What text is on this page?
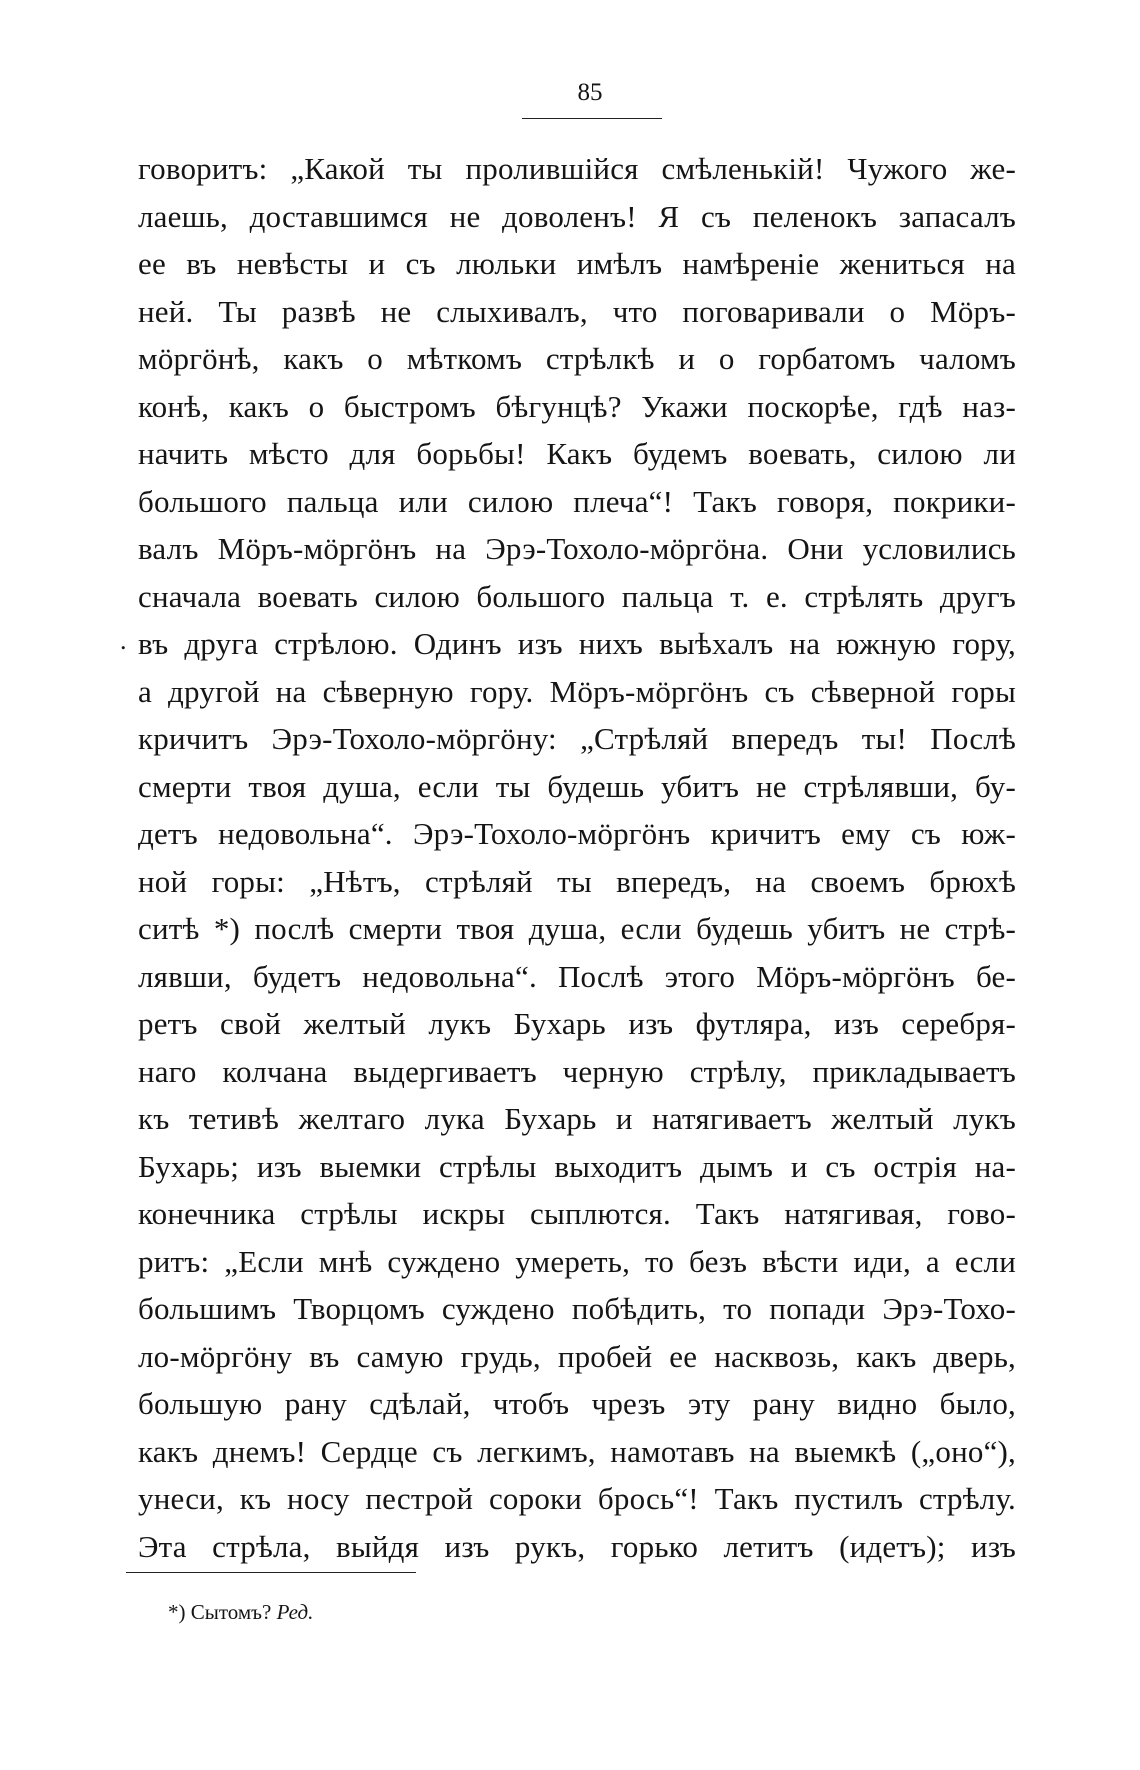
85
.
говоритъ: „Какой ты пролившійся смѣленькій! Чужого же-
лаешь, доставшимся не доволенъ! Я съ пеленокъ запасалъ
ее въ невѣсты и съ люльки имѣлъ намѣреніе жениться на
ней. Ты развѣ не слыхивалъ, что поговаривали о Мöръ-
мöргöнѣ, какъ о мѣткомъ стрѣлкѣ и о горбатомъ чаломъ
конѣ, какъ о быстромъ бѣгунцѣ? Укажи поскорѣе, гдѣ наз-
начить мѣсто для борьбы! Какъ будемъ воевать, силою ли
большого пальца или силою плеча“! Такъ говоря, покрики-
валъ Мöръ-мöргöнъ на Эрэ-Тохоло-мöргöна. Они условились
сначала воевать силою большого пальца т. е. стрѣлять другъ
въ друга стрѣлою. Одинъ изъ нихъ выѣхалъ на южную гору,
а другой на сѣверную гору. Мöръ-мöргöнъ съ сѣверной горы
кричитъ Эрэ-Тохоло-мöргöну: „Стрѣляй впередъ ты! Послѣ
смерти твоя душа, если ты будешь убитъ не стрѣлявши, бу-
детъ недовольна“. Эрэ-Тохоло-мöргöнъ кричитъ ему съ юж-
ной горы: „Нѣтъ, стрѣляй ты впередъ, на своемъ брюхѣ
ситѣ *) послѣ смерти твоя душа, если будешь убитъ не стрѣ-
лявши, будетъ недовольна“. Послѣ этого Мöръ-мöргöнъ бе-
ретъ свой желтый лукъ Бухарь изъ футляра, изъ серебря-
наго колчана выдергиваетъ черную стрѣлу, прикладываетъ
къ тетивѣ желтаго лука Бухарь и натягиваетъ желтый лукъ
Бухарь; изъ выемки стрѣлы выходитъ дымъ и съ острія на-
конечника стрѣлы искры сыплются. Такъ натягивая, гово-
ритъ: „Если мнѣ суждено умереть, то безъ вѣсти иди, а если
большимъ Творцомъ суждено побѣдить, то попади Эрэ-Тохо-
ло-мöргöну въ самую грудь, пробей ее насквозь, какъ дверь,
большую рану сдѣлай, чтобъ чрезъ эту рану видно было,
какъ днемъ! Сердце съ легкимъ, намотавъ на выемкѣ („оно“),
унеси, къ носу пестрой сороки брось“! Такъ пустилъ стрѣлу.
Эта стрѣла, выйдя изъ рукъ, горько летитъ (идетъ); изъ
*) Сытомъ? Ред.
